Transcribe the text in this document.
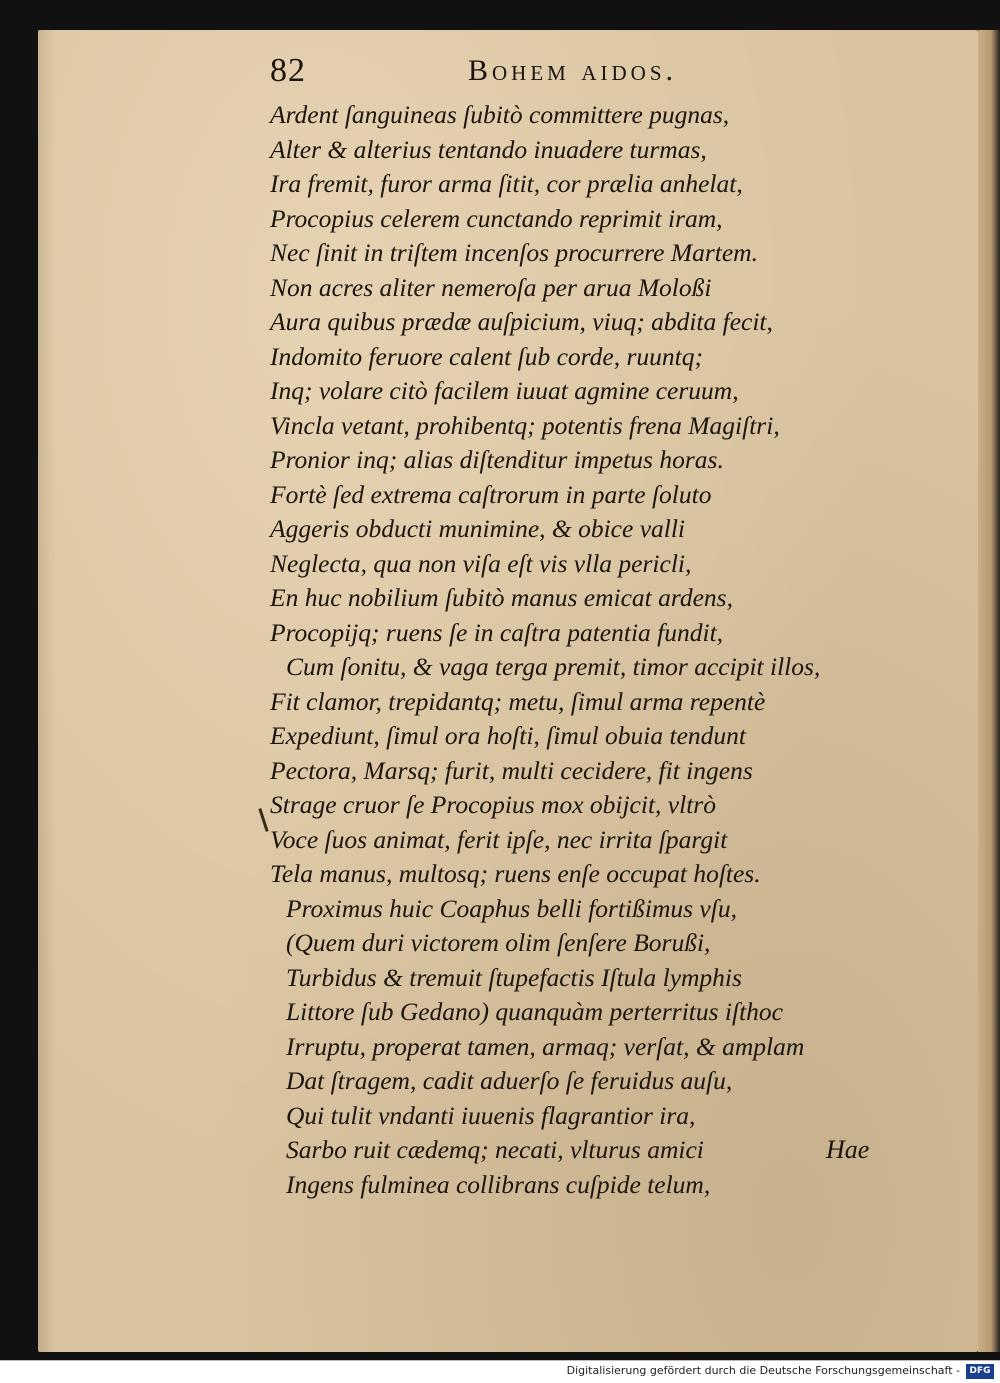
82	Bohem aidos.
Ardent ſanguineas ſubitò committere pugnas,
Alter & alterius tentando inuadere turmas,
Ira fremit, furor arma ſitit, cor prælia anhelat,
Procopius celerem cunctando reprimit iram,
Nec ſinit in triſtem incenſos procurrere Martem.
Non acres aliter nemeroſa per arua Moloßi
Aura quibus prædæ auſpicium, viuq; abdita fecit,
Indomito feruore calent ſub corde, ruuntq;
Inq; volare citò facilem iuuat agmine ceruum,
Vincla vetant, prohibentq; potentis frena Magiſtri,
Pronior inq; alias diſtenditur impetus horas.
Fortè ſed extrema caſtrorum in parte ſoluto
Aggeris obducti munimine, & obice valli
Neglecta, qua non viſa eſt vis vlla pericli,
En huc nobilium ſubitò manus emicat ardens,
Procopijq; ruens ſe in caſtra patentia fundit,
Cum ſonitu, & vaga terga premit, timor accipit illos,
Fit clamor, trepidantq; metu, ſimul arma repentè
Expediunt, ſimul ora hoſti, ſimul obuia tendunt
Pectora, Marsq; furit, multi cecidere, fit ingens
Strage cruor ſe Procopius mox obijcit, vltrò
Voce ſuos animat, ferit ipſe, nec irrita ſpargit
Tela manus, multosq; ruens enſe occupat hoſtes.
Proximus huic Coaphus belli fortißimus vſu,
(Quem duri victorem olim ſenſere Borußi,
Turbidus & tremuit ſtupefactis Iſtula lymphis
Littore ſub Gedano) quanquàm perterritus iſthoc
Irruptu, properat tamen, armaq; verſat, & amplam
Dat ſtragem, cadit aduerſo ſe feruidus auſu,
Qui tulit vndanti iuuenis flagrantior ira,
Sarbo ruit cædemq; necati, vlturus amici
Ingens fulminea collibrans cuſpide telum,
Hae
Digitalisierung gefördert durch die Deutsche Forschungsgemeinschaft -	DFG
